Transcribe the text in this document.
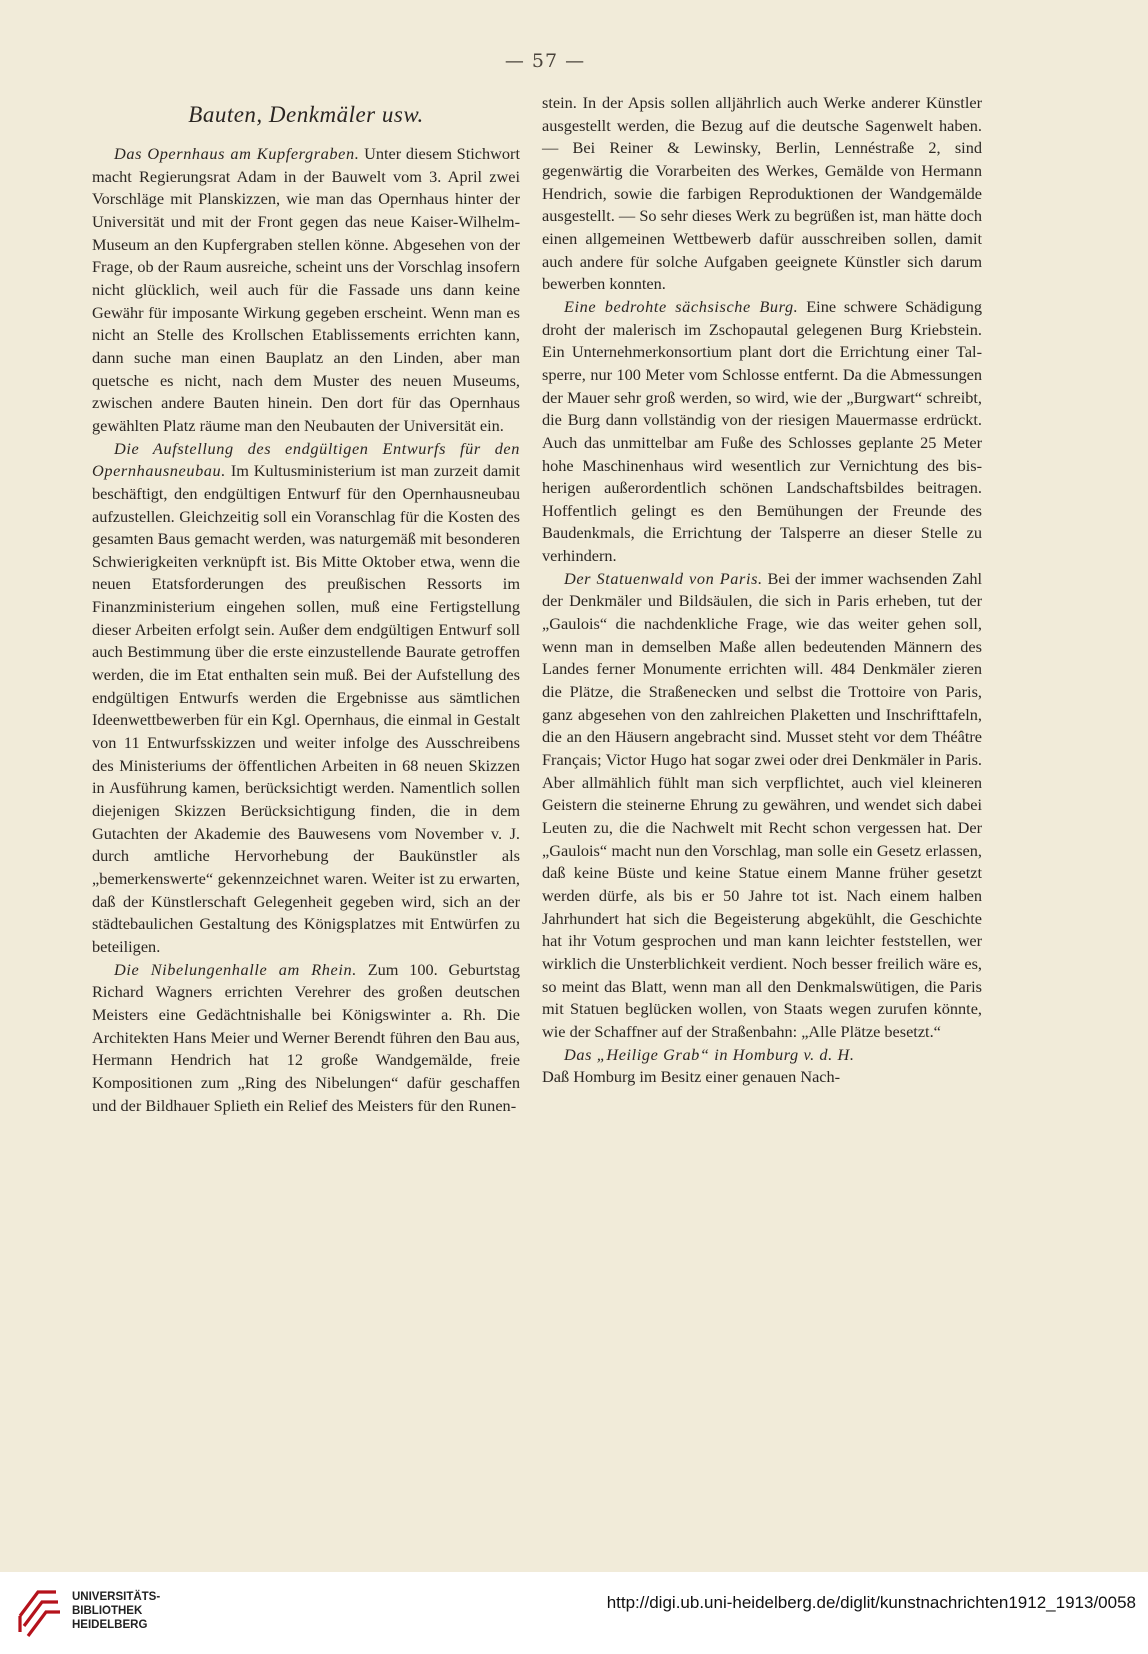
— 57 —
Bauten, Denkmäler usw.

Das Opernhaus am Kupfergraben. Unter diesem Stichwort macht Regierungsrat Adam in der Bauwelt vom 3. April zwei Vorschläge mit Planskizzen, wie man das Opernhaus hinter der Universität und mit der Front gegen das neue Kaiser-Wilhelm-Museum an den Kupfergraben stellen könne. Abgesehen von der Frage, ob der Raum ausreiche, scheint uns der Vorschlag insofern nicht glücklich, weil auch für die Fassade uns dann keine Gewähr für imposante Wirkung gegeben erscheint. Wenn man es nicht an Stelle des Krollschen Etablissements errichten kann, dann suche man einen Bauplatz an den Linden, aber man quetsche es nicht, nach dem Muster des neuen Museums, zwischen andere Bauten hinein. Den dort für das Opernhaus gewählten Platz räume man den Neubauten der Universität ein.

Die Aufstellung des endgültigen Entwurfs für den Opernhausneubau. Im Kultusministerium ist man zurzeit damit beschäftigt, den endgültigen Entwurf für den Opernhausneubau aufzustellen. Gleichzeitig soll ein Voranschlag für die Kosten des gesamten Baus gemacht werden, was naturgemäß mit besonderen Schwierigkeiten verknüpft ist. Bis Mitte Oktober etwa, wenn die neuen Etatsforderungen des preußischen Ressorts im Finanzministerium eingehen sollen, muß eine Fertigstellung dieser Arbeiten erfolgt sein. Außer dem endgültigen Entwurf soll auch Bestimmung über die erste einzustellende Baurate getroffen werden, die im Etat enthalten sein muß. Bei der Aufstellung des endgültigen Entwurfs werden die Ergebnisse aus sämtlichen Ideenwettbewerben für ein Kgl. Opernhaus, die einmal in Gestalt von 11 Entwurfsskizzen und weiter infolge des Ausschreibens des Ministeriums der öffentlichen Arbeiten in 68 neuen Skizzen in Ausführung kamen, berücksichtigt werden. Namentlich sollen diejenigen Skizzen Berücksichtigung finden, die in dem Gutachten der Akademie des Bauwesens vom November v. J. durch amtliche Hervorhebung der Baukünstler als „bemerkenswerte“ gekennzeichnet waren. Weiter ist zu erwarten, daß der Künstlerschaft Gelegenheit gegeben wird, sich an der städtebaulichen Gestaltung des Königsplatzes mit Entwürfen zu beteiligen.

Die Nibelungenhalle am Rhein. Zum 100. Geburtstag Richard Wagners errichten Verehrer des großen deutschen Meisters eine Gedächtnishalle bei Königswinter a. Rh. Die Architekten Hans Meier und Werner Berendt führen den Bau aus, Hermann Hendrich hat 12 große Wandgemälde, freie Kompositionen zum „Ring des Nibelungen“ dafür geschaffen und der Bildhauer Splieth ein Relief des Meisters für den Runen-

stein. In der Apsis sollen alljährlich auch Werke anderer Künstler ausgestellt werden, die Bezug auf die deutsche Sagenwelt haben. — Bei Reiner & Lewinsky, Berlin, Lennéstraße 2, sind gegenwärtig die Vorarbeiten des Werkes, Gemälde von Hermann Hendrich, sowie die farbigen Reproduktionen der Wandgemälde ausgestellt. — So sehr dieses Werk zu begrüßen ist, man hätte doch einen allgemeinen Wettbewerb dafür ausschreiben sollen, damit auch andere für solche Aufgaben geeignete Künstler sich darum bewerben konnten.

Eine bedrohte sächsische Burg. Eine schwere Schädigung droht der malerisch im Zschopautal gelegenen Burg Kriebstein. Ein Unternehmerkonsortium plant dort die Errichtung einer Talsperre, nur 100 Meter vom Schlosse entfernt. Da die Abmessungen der Mauer sehr groß werden, so wird, wie der „Burgwart“ schreibt, die Burg dann vollständig von der riesigen Mauermasse erdrückt. Auch das unmittelbar am Fuße des Schlosses geplante 25 Meter hohe Maschinenhaus wird wesentlich zur Vernichtung des bisherigen außerordentlich schönen Landschaftsbildes beitragen. Hoffentlich gelingt es den Bemühungen der Freunde des Baudenkmals, die Errichtung der Talsperre an dieser Stelle zu verhindern.

Der Statuenwald von Paris. Bei der immer wachsenden Zahl der Denkmäler und Bildsäulen, die sich in Paris erheben, tut der „Gaulois“ die nachdenkliche Frage, wie das weiter gehen soll, wenn man in demselben Maße allen bedeutenden Männern des Landes ferner Monumente errichten will. 484 Denkmäler zieren die Plätze, die Straßenecken und selbst die Trottoire von Paris, ganz abgesehen von den zahlreichen Plaketten und Inschrifttafeln, die an den Häusern angebracht sind. Musset steht vor dem Théâtre Français; Victor Hugo hat sogar zwei oder drei Denkmäler in Paris. Aber allmählich fühlt man sich verpflichtet, auch viel kleineren Geistern die steinerne Ehrung zu gewähren, und wendet sich dabei Leuten zu, die die Nachwelt mit Recht schon vergessen hat. Der „Gaulois“ macht nun den Vorschlag, man solle ein Gesetz erlassen, daß keine Büste und keine Statue einem Manne früher gesetzt werden dürfe, als bis er 50 Jahre tot ist. Nach einem halben Jahrhundert hat sich die Begeisterung abgekühlt, die Geschichte hat ihr Votum gesprochen und man kann leichter feststellen, wer wirklich die Unsterblichkeit verdient. Noch besser freilich wäre es, so meint das Blatt, wenn man all den Denkmalswütigen, die Paris mit Statuen beglücken wollen, von Staats wegen zurufen könnte, wie der Schaffner auf der Straßenbahn: „Alle Plätze besetzt.“

Das „Heilige Grab“ in Homburg v. d. H.
Daß Homburg im Besitz einer genauen Nach-

UNIVERSITÄTS-
BIBLIOTHEK
HEIDELBERG
http://digi.ub.uni-heidelberg.de/diglit/kunstnachrichten1912_1913/0058
